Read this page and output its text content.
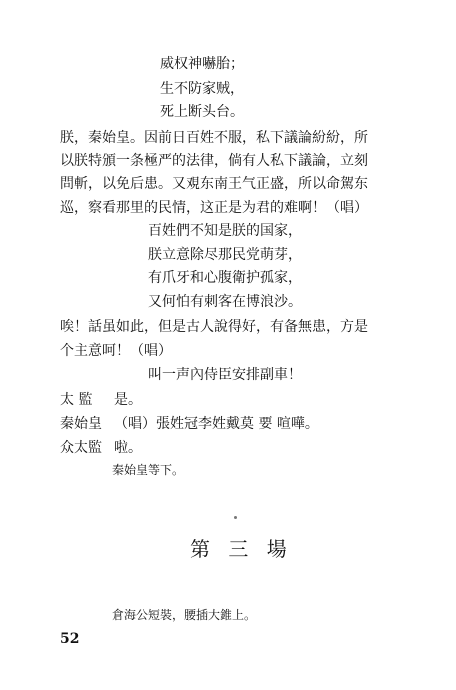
威权神嚇胎；
生不防家贼，
死上断头台。
朕，秦始皇。因前日百姓不服，私下議論紛紛，所
以朕特頒一条極严的法律，倘有人私下議論，立刻
問斬，以免后患。又覌东南王气正盛，所以命駕东
巡，察看那里的民情，这正是为君的难啊！（唱）
百姓們不知是朕的国家，
朕立意除尽那民党萌芽，
有爪牙和心腹衛护孤家，
又何怕有刺客在博浪沙。
唉！話虽如此，但是古人說得好，有备無患，方是
个主意呵！（唱）
叫一声內侍臣安排副車！
太 監 是。
秦始皇 （唱）張姓冠李姓戴莫 要 喧嘩。
众太監 啦。
秦始皇等下。
第 三 場
倉海公短裝，腰插大錐上。
52
